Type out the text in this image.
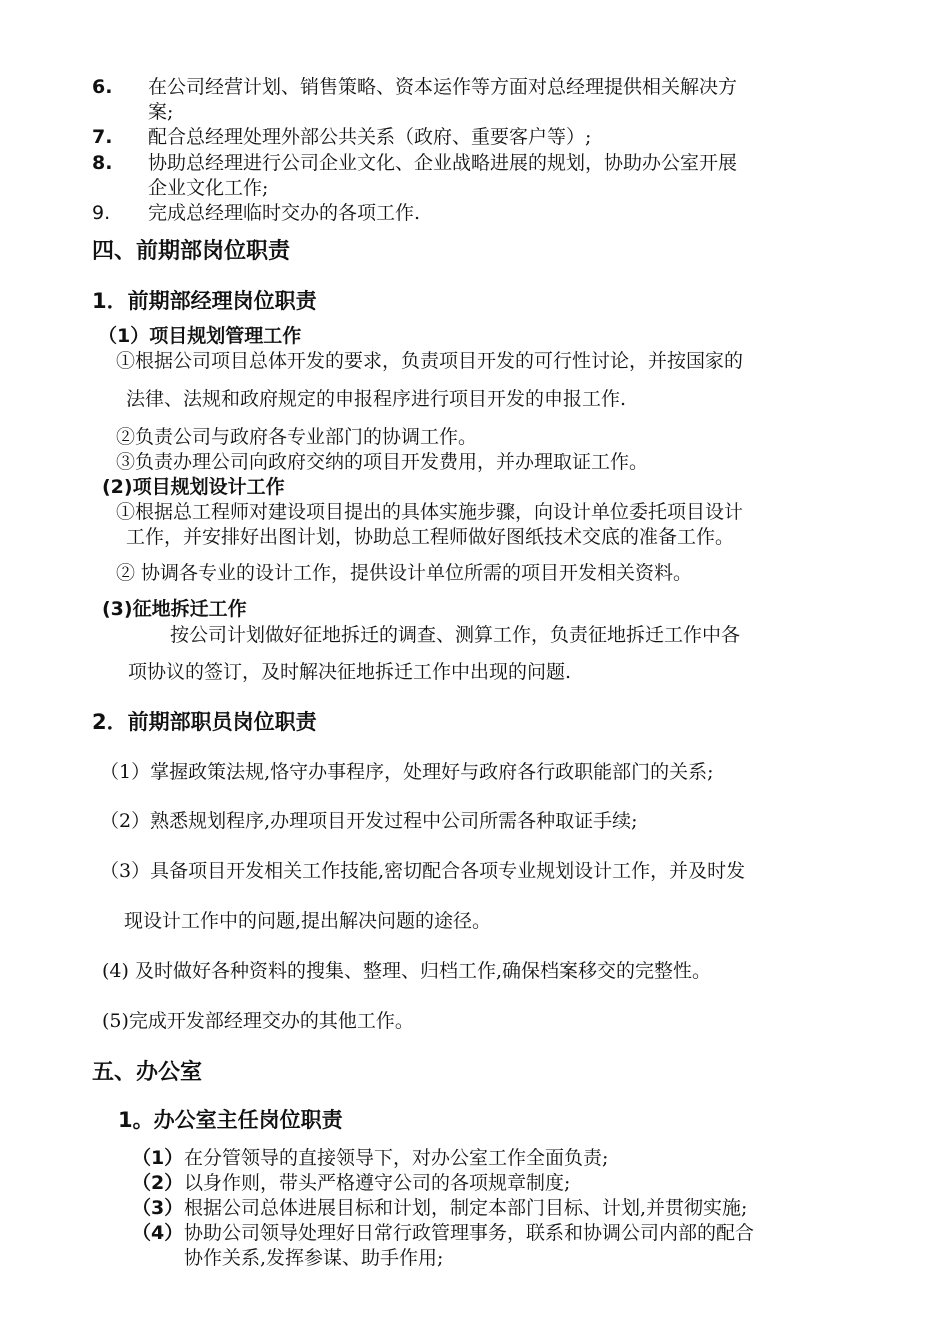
6. 在公司经营计划、销售策略、资本运作等方面对总经理提供相关解决方
案;
7. 配合总经理处理外部公共关系（政府、重要客户等）;
8. 协助总经理进行公司企业文化、企业战略进展的规划，协助办公室开展
企业文化工作;
9. 完成总经理临时交办的各项工作.
四、前期部岗位职责
1．前期部经理岗位职责
（1）项目规划管理工作
①根据公司项目总体开发的要求，负责项目开发的可行性讨论，并按国家的
法律、法规和政府规定的申报程序进行项目开发的申报工作.
②负责公司与政府各专业部门的协调工作。
③负责办理公司向政府交纳的项目开发费用，并办理取证工作。
(2)项目规划设计工作
①根据总工程师对建设项目提出的具体实施步骤，向设计单位委托项目设计
工作，并安排好出图计划，协助总工程师做好图纸技术交底的准备工作。
② 协调各专业的设计工作，提供设计单位所需的项目开发相关资料。
(3)征地拆迁工作
按公司计划做好征地拆迁的调查、测算工作，负责征地拆迁工作中各
项协议的签订，及时解决征地拆迁工作中出现的问题.
2．前期部职员岗位职责
（1）掌握政策法规,恪守办事程序，处理好与政府各行政职能部门的关系;
（2）熟悉规划程序,办理项目开发过程中公司所需各种取证手续;
（3）具备项目开发相关工作技能,密切配合各项专业规划设计工作，并及时发
现设计工作中的问题,提出解决问题的途径。
(4) 及时做好各种资料的搜集、整理、归档工作,确保档案移交的完整性。
(5)完成开发部经理交办的其他工作。
五、办公室
1。办公室主任岗位职责
（1） 在分管领导的直接领导下，对办公室工作全面负责;
（2） 以身作则，带头严格遵守公司的各项规章制度;
（3） 根据公司总体进展目标和计划，制定本部门目标、计划,并贯彻实施;
（4） 协助公司领导处理好日常行政管理事务，联系和协调公司内部的配合
协作关系,发挥参谋、助手作用;
